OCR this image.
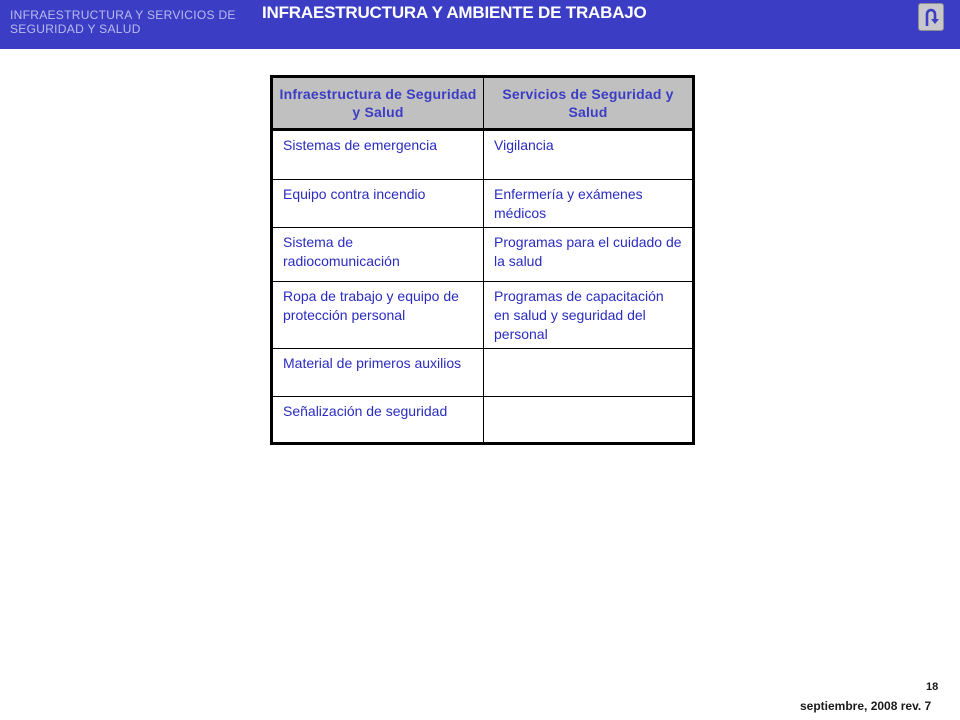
INFRAESTRUCTURA Y SERVICIOS DE SEGURIDAD Y SALUD
INFRAESTRUCTURA Y AMBIENTE DE TRABAJO
Infraestructura de Seguridad y Salud	Servicios de Seguridad y Salud
Sistemas de emergencia	Vigilancia
Equipo contra incendio	Enfermería y exámenes médicos
Sistema de radiocomunicación	Programas para el cuidado de la salud
Ropa de trabajo y equipo de protección personal	Programas de capacitación en salud y seguridad del personal
Material de primeros auxilios	
Señalización de seguridad	
18
septiembre, 2008 rev. 7
